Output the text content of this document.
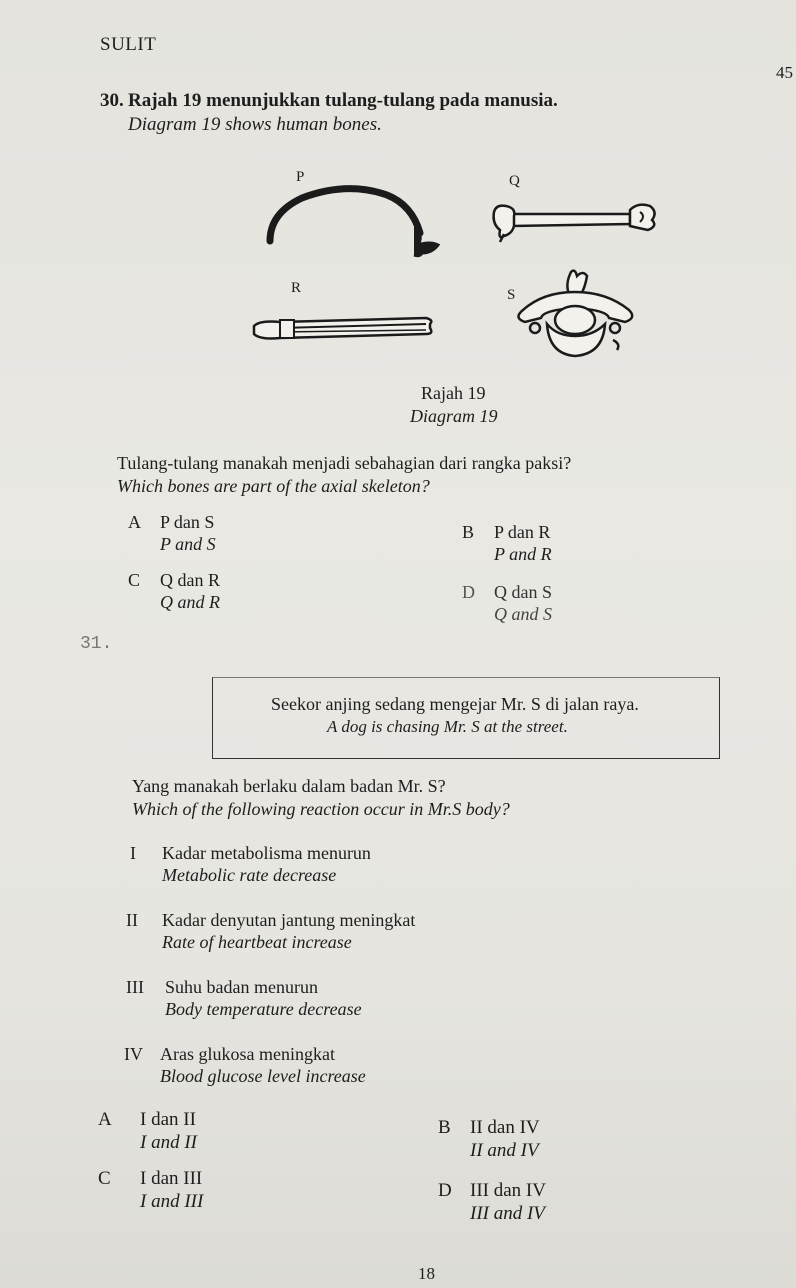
SULIT
45
30. Rajah 19 menunjukkan tulang-tulang pada manusia.
Diagram 19 shows human bones.
P	Q
R	S
Rajah 19
Diagram 19
Tulang-tulang manakah menjadi sebahagian dari rangka paksi?
Which bones are part of the axial skeleton?
A P dan S
P and S
B P dan R
P and R
C Q dan R
Q and R	D Q dan S
Q and S
31.
Seekor anjing sedang mengejar Mr. S di jalan raya.
A dog is chasing Mr. S at the street.
Yang manakah berlaku dalam badan Mr. S?
Which of the following reaction occur in Mr.S body?
I Kadar metabolisma menurun
Metabolic rate decrease
II Kadar denyutan jantung meningkat
Rate of heartbeat increase
III Suhu badan menurun
Body temperature decrease
IV Aras glukosa meningkat
Blood glucose level increase
A I dan II
I and II
B II dan IV
II and IV
C I dan III
I and III
D III dan IV
III and IV
18
